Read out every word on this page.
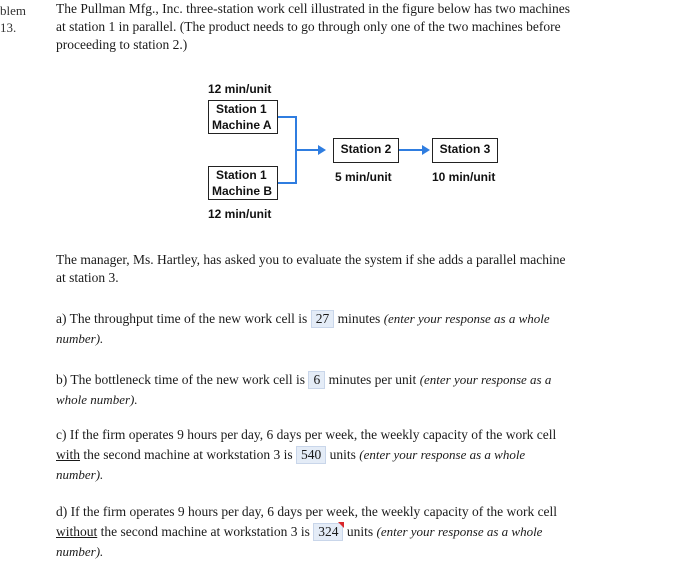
blem
13.
The Pullman Mfg., Inc. three-station work cell illustrated in the figure below has two machines
at station 1 in parallel. (The product needs to go through only one of the two machines before
proceeding to station 2.)
12 min/unit
Station 1
Machine A
Station 1
Machine B
12 min/unit
Station 2
5 min/unit
Station 3
10 min/unit
The manager, Ms. Hartley, has asked you to evaluate the system if she adds a parallel machine
at station 3.
a) The throughput time of the new work cell is 27 minutes (enter your response as a whole
number).
b) The bottleneck time of the new work cell is 6 minutes per unit (enter your response as a
whole number).
c) If the firm operates 9 hours per day, 6 days per week, the weekly capacity of the work cell
with the second machine at workstation 3 is 540 units (enter your response as a whole
number).
d) If the firm operates 9 hours per day, 6 days per week, the weekly capacity of the work cell
without the second machine at workstation 3 is 324 units (enter your response as a whole
number).
